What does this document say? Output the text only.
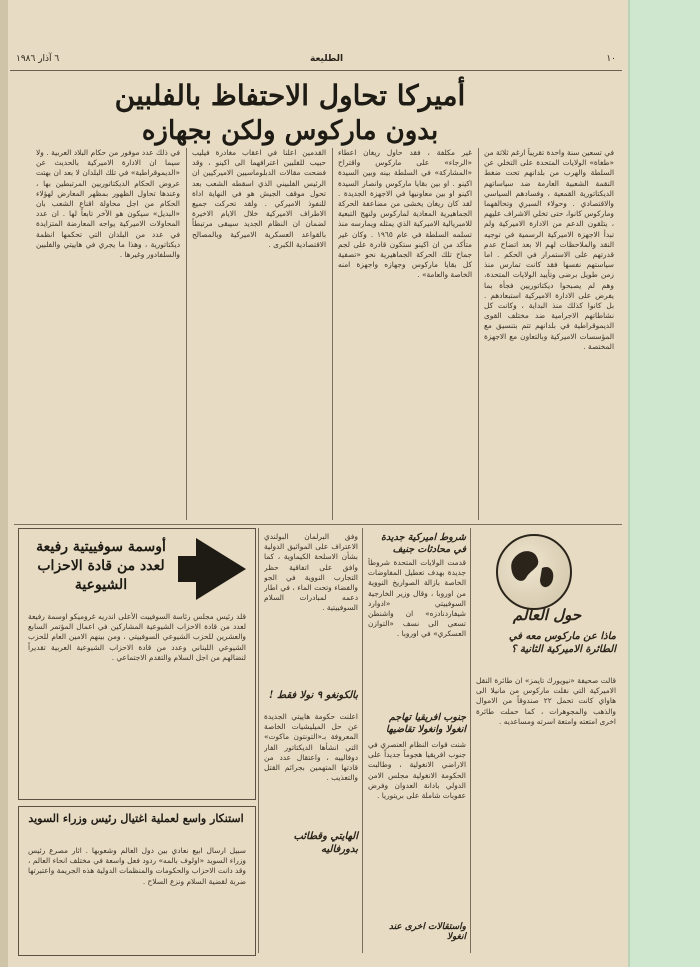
١٠
الطليعة
٦ آذار ١٩٨٦
أميركا تحاول الاحتفاظ بالفلبين
بدون ماركوس ولكن بجهازه
في تسعين سنة واحدة تقريباً ارغم ثلاثة من «طغاة» الولايات المتحدة على التخلي عن السلطة والهرب من بلدانهم تحت ضغط النقمة الشعبية العارمة ضد سياساتهم الديكتاتورية القمعية ، وفسادهم السياسي والاقتصادي . وحولاء السبري وتحالفهما وماركوس كانوا، حتى تخلي الاشراف عليهم ، يتلقون الدعم من الادارة الاميركية ولم تبدأ الاجهزة الاميركية الرسمية في توجيه النقد والملاحظات لهم الا بعد اتضاح عدم قدرتهم على الاستمرار في الحكم . اما سياستهم نفسها فقد كانت تمارس منذ زمن طويل برضى وتأييد الولايات المتحدة، وهم لم يصبحوا ديكتاتوريين فجأة بما يفرض على الادارة الاميركية استبعادهم . بل كانوا كذلك منذ البداية ، وكانت كل نشاطاتهم الاجرامية ضد مختلف القوى الديموقراطية في بلدانهم تتم بتنسيق مع المؤسسات الاميركية وبالتعاون مع الاجهزة المختصة .
غير مكلفة ، فقد حاول ريغان اعطاء «الرجاء» على ماركوس واقتراح «المشاركة» في السلطة بينه وبين السيدة اكينو . او بين بقايا ماركوس وانصار السيدة اكينو او بين معاونيها في الاجهزة الجديدة . لقد كان ريغان يخشى من مضاعفة الحركة الجماهيرية المعادية لماركوس ولنهج التبعية للامبريالية الاميركية الذي يمثله ويمارسه منذ تسلمه السلطة في عام ١٩٦٥ . وكان غير متأكد من ان اكينو ستكون قادرة على لجم جماح تلك الحركة الجماهيرية نحو «تصفية كل بقايا ماركوس وجهازه واجهزة امنه الخاصة والعامة» .
القدمين اعلنا في اعقاب مغادرة فيليب حبيب للفلبين اعترافهما الى اكينو ، وقد فضحت مقالات الدبلوماسيين الاميركيين ان الرئيس الفلبيني الذي اسقطه الشعب بعد تحول موقف الجيش هو في النهاية اداة للنفوذ الاميركي . ولقد تحركت جميع الاطراف الاميركية خلال الايام الاخيرة لضمان ان النظام الجديد سيبقى مرتبطاً بالقواعد العسكرية الاميركية وبالمصالح الاقتصادية الكبرى .
في ذلك عدد موفور من حكام البلاد العربية . ولا سيما ان الادارة الاميركية بالحديث عن «الديموقراطية» في تلك البلدان لا بعد ان بهتت عروض الحكام الديكتاتوريين المرتبطين بها ، وعندها تحاول الظهور بمظهر المعارض لهؤلاء الحكام من اجل محاولة اقناع الشعب بان «البديل» سيكون هو الآخر تابعاً لها . ان عدد المحاولات الاميركية يواجه المعارضة المتزايدة في عدد من البلدان التي تحكمها انظمة ديكتاتورية ، وهذا ما يجري في هاييتي والفلبين والسلفادور وغيرها .
حول العالم
ماذا عن ماركوس معه في الطائرة الاميركية الثانية ؟
قالت صحيفة «نيويورك تايمز» ان طائرة النقل الاميركية التي نقلت ماركوس من مانيلا الى هاواي كانت تحمل ٢٢ صندوقاً من الاموال والذهب والمجوهرات ، كما حملت طائرة اخرى امتعته وامتعة اسرته ومساعديه .
شروط اميركية جديدة في محادثات جنيف
قدمت الولايات المتحدة شروطاً جديدة بهدف تعطيل المفاوضات الخاصة بازالة الصواريخ النووية من اوروبا ، وقال وزير الخارجية السوفييتي «ادوارد شيفاردنادزه» ان واشنطن تسعى الى نسف «التوازن العسكري» في اوروبا .
جنوب افريقيا تهاجم انغولا وانغولا تقاضيها
شنت قوات النظام العنصري في جنوب افريقيا هجوماً جديداً على الاراضي الانغولية ، وطالبت الحكومة الانغولية مجلس الامن الدولي بادانة العدوان وفرض عقوبات شاملة على بريتوريا .
واستقالات اخرى عند انغولا
بالكونغو ٩ نولا فقط !
وفق البرلمان البولندي الاعتراف على المواثيق الدولية بشأن الاسلحة الكيماوية ، كما وافق على اتفاقية حظر التجارب النووية في الجو والفضاء وتحت الماء ، في اطار دعمه لمبادرات السلام السوفييتية .
الهايتي وقطائب بدورفاليه
اعلنت حكومة هاييتي الجديدة عن حل الميليشيات الخاصة المعروفة بـ«التونتون ماكوت» التي انشأها الديكتاتور الفار دوفالييه ، واعتقال عدد من قادتها المتهمين بجرائم القتل والتعذيب .
أوسمة سوفييتية رفيعة لعدد من قادة الاحزاب الشيوعية
قلد رئيس مجلس رئاسة السوفييت الأعلى اندريه غروميكو اوسمة رفيعة لعدد من قادة الاحزاب الشيوعية المشاركين في اعمال المؤتمر السابع والعشرين للحزب الشيوعي السوفييتي ، ومن بينهم الامين العام للحزب الشيوعي اللبناني وعدد من قادة الاحزاب الشيوعية العربية تقديراً لنضالهم من اجل السلام والتقدم الاجتماعي .
استنكار واسع لعملية اغتيال رئيس وزراء السويد
سبيل ارسال ابيع نعادي بين دول العالم وشعوبها . اثار مصرع رئيس وزراء السويد «اولوف بالمه» ردود فعل واسعة في مختلف انحاء العالم ، وقد دانت الاحزاب والحكومات والمنظمات الدولية هذه الجريمة واعتبرتها ضربة لقضية السلام ونزع السلاح .
